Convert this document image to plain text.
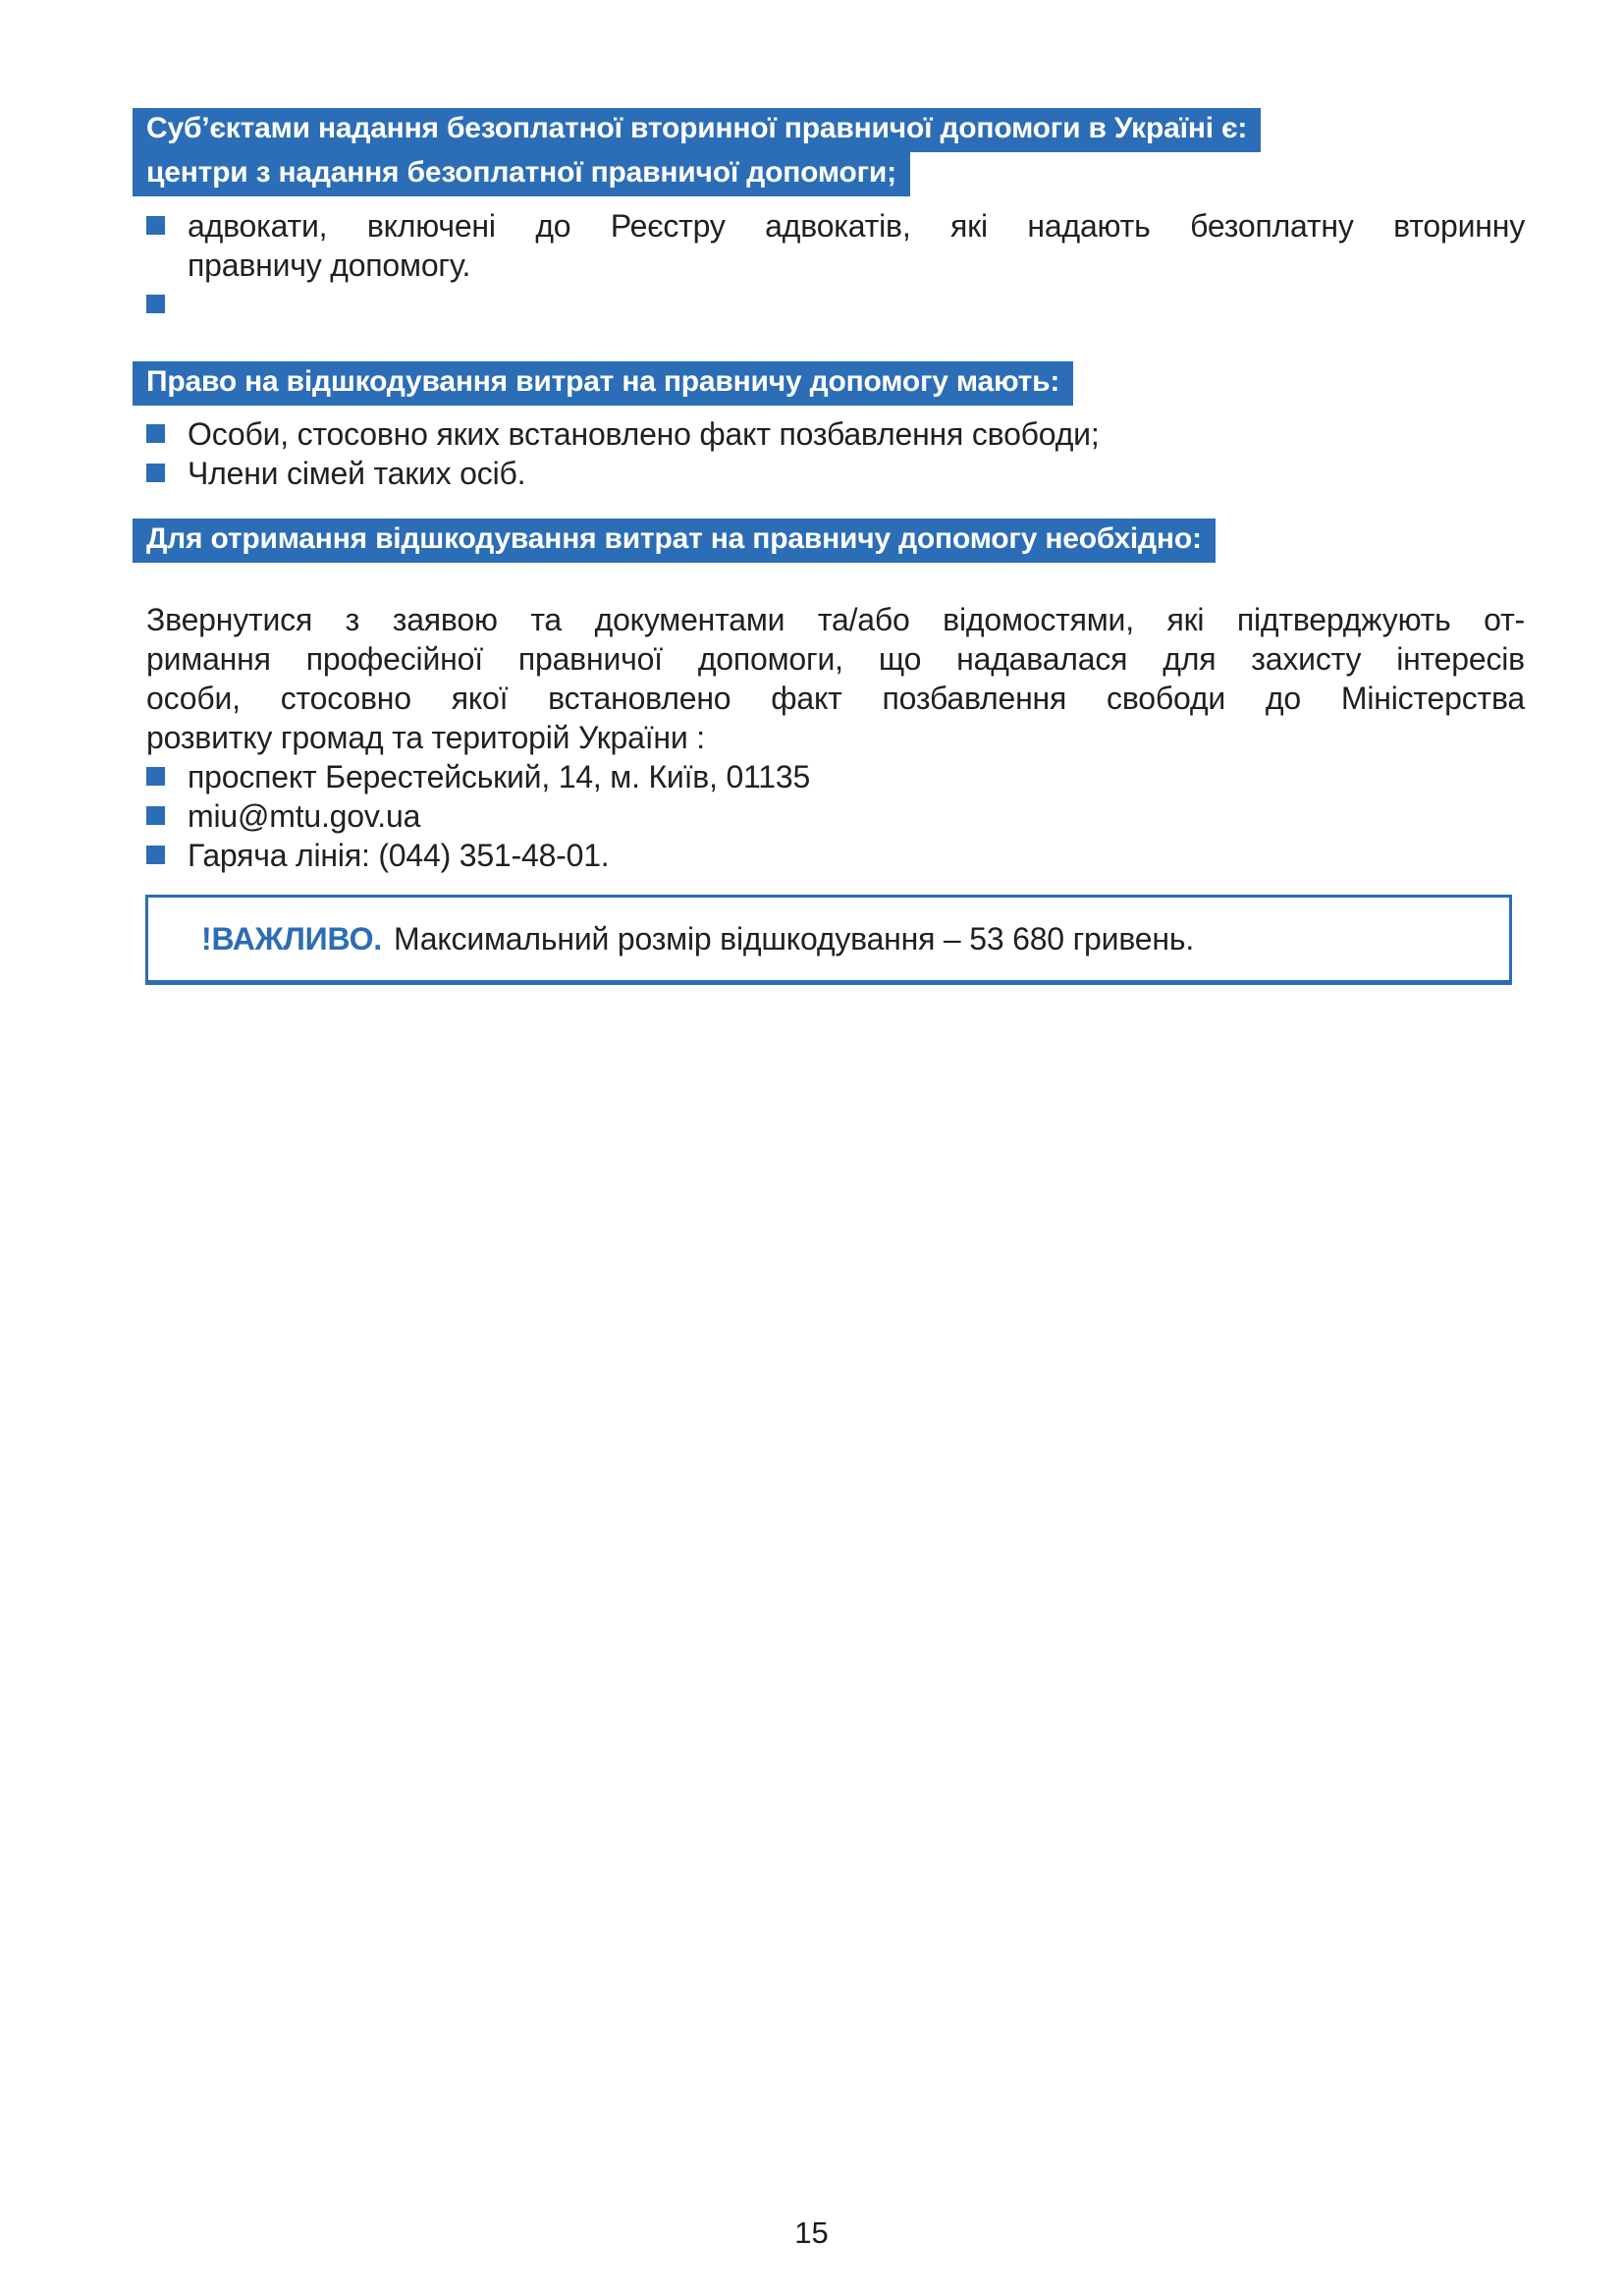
Суб’єктами надання безоплатної вторинної правничої допомоги в Україні є:
центри з надання безоплатної правничої допомоги;
адвокати, включені до Реєстру адвокатів, які надають безоплатну вторинну
правничу допомогу.
Право на відшкодування витрат на правничу допомогу мають:
Особи, стосовно яких встановлено факт позбавлення свободи;
Члени сімей таких осіб.
Для отримання відшкодування витрат на правничу допомогу необхідно:
Звернутися з заявою та документами та/або відомостями, які підтверджують от-
римання професійної правничої допомоги, що надавалася для захисту інтересів
особи, стосовно якої встановлено факт позбавлення свободи до Міністерства
розвитку громад та територій України :
проспект Берестейський, 14, м. Київ, 01135
miu@mtu.gov.ua
Гаряча лінія: (044) 351-48-01.
!ВАЖЛИВО. Максимальний розмір відшкодування – 53 680 гривень.
15
